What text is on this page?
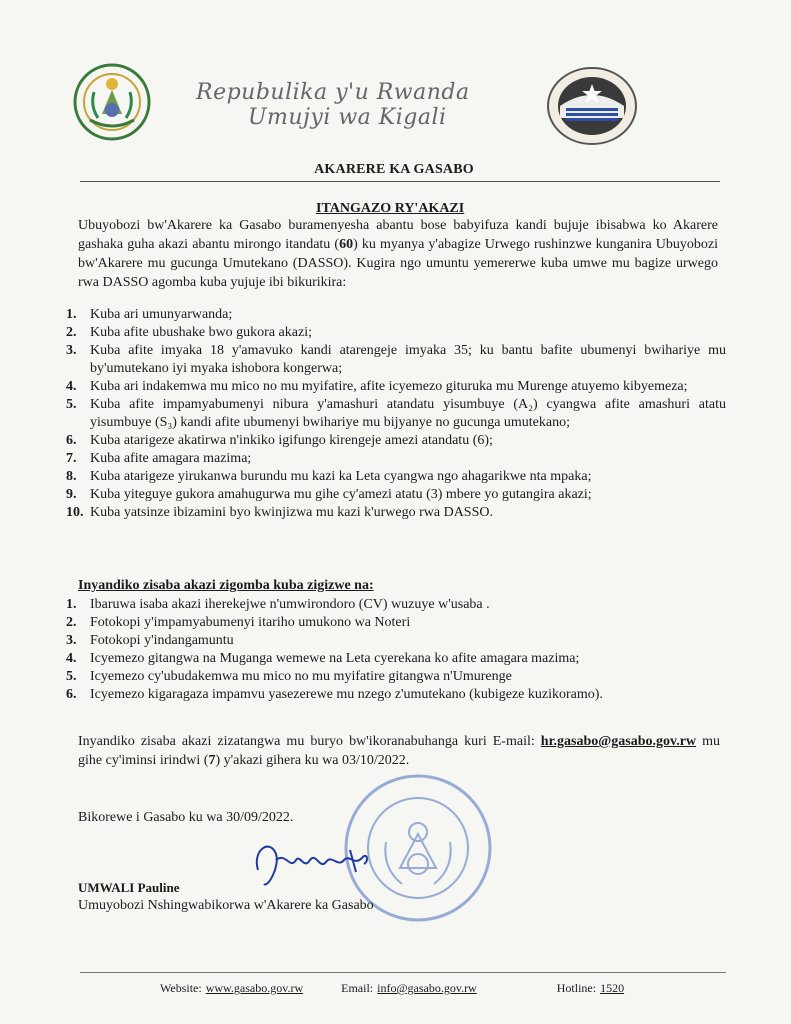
Repubulika y'u Rwanda
Umujyi wa Kigali
AKARERE KA GASABO
ITANGAZO RY'AKAZI
Ubuyobozi bw'Akarere ka Gasabo buramenyesha abantu bose babyifuza kandi bujuje ibisabwa ko Akarere gashaka guha akazi abantu mirongo itandatu (60) ku myanya y'abagize Urwego rushinzwe kunganira Ubuyobozi bw'Akarere mu gucunga Umutekano (DASSO). Kugira ngo umuntu yemererwe kuba umwe mu bagize urwego rwa DASSO agomba kuba yujuje ibi bikurikira:
1. Kuba ari umunyarwanda;
2. Kuba afite ubushake bwo gukora akazi;
3. Kuba afite imyaka 18 y'amavuko kandi atarengeje imyaka 35; ku bantu bafite ubumenyi bwihariye mu by'umutekano iyi myaka ishobora kongerwa;
4. Kuba ari indakemwa mu mico no mu myifatire, afite icyemezo gituruka mu Murenge atuyemo kibyemeza;
5. Kuba afite impamyabumenyi nibura y'amashuri atandatu yisumbuye (A₂) cyangwa afite amashuri atatu yisumbuye (S₃) kandi afite ubumenyi bwihariye mu bijyanye no gucunga umutekano;
6. Kuba atarigeze akatirwa n'inkiko igifungo kirengeje amezi atandatu (6);
7. Kuba afite amagara mazima;
8. Kuba atarigeze yirukanwa burundu mu kazi ka Leta cyangwa ngo ahagarikwe nta mpaka;
9. Kuba yiteguye gukora amahugurwa mu gihe cy'amezi atatu (3) mbere yo gutangira akazi;
10. Kuba yatsinze ibizamini byo kwinjizwa mu kazi k'urwego rwa DASSO.
Inyandiko zisaba akazi zigomba kuba zigizwe na:
1. Ibaruwa isaba akazi iherekejwe n'umwirondoro (CV) wuzuye w'usaba .
2. Fotokopi y'impamyabumenyi itariho umukono wa Noteri
3. Fotokopi y'indangamuntu
4. Icyemezo gitangwa na Muganga wemewe na Leta cyerekana ko afite amagara mazima;
5. Icyemezo cy'ubudakemwa mu mico no mu myifatire gitangwa n'Umurenge
6. Icyemezo kigaragaza impamvu yasezerewe mu nzego z'umutekano (kubigeze kuzikoramo).
Inyandiko zisaba akazi zizatangwa mu buryo bw'ikoranabuhanga kuri E-mail: hr.gasabo@gasabo.gov.rw mu gihe cy'iminsi irindwi (7) y'akazi gihera ku wa 03/10/2022.
Bikorewe i Gasabo ku wa 30/09/2022.
UMWALI Pauline
Umuyobozi Nshingwabikorwa w'Akarere ka Gasabo
Website: www.gasabo.gov.rw	Email: info@gasabo.gov.rw	Hotline: 1520
